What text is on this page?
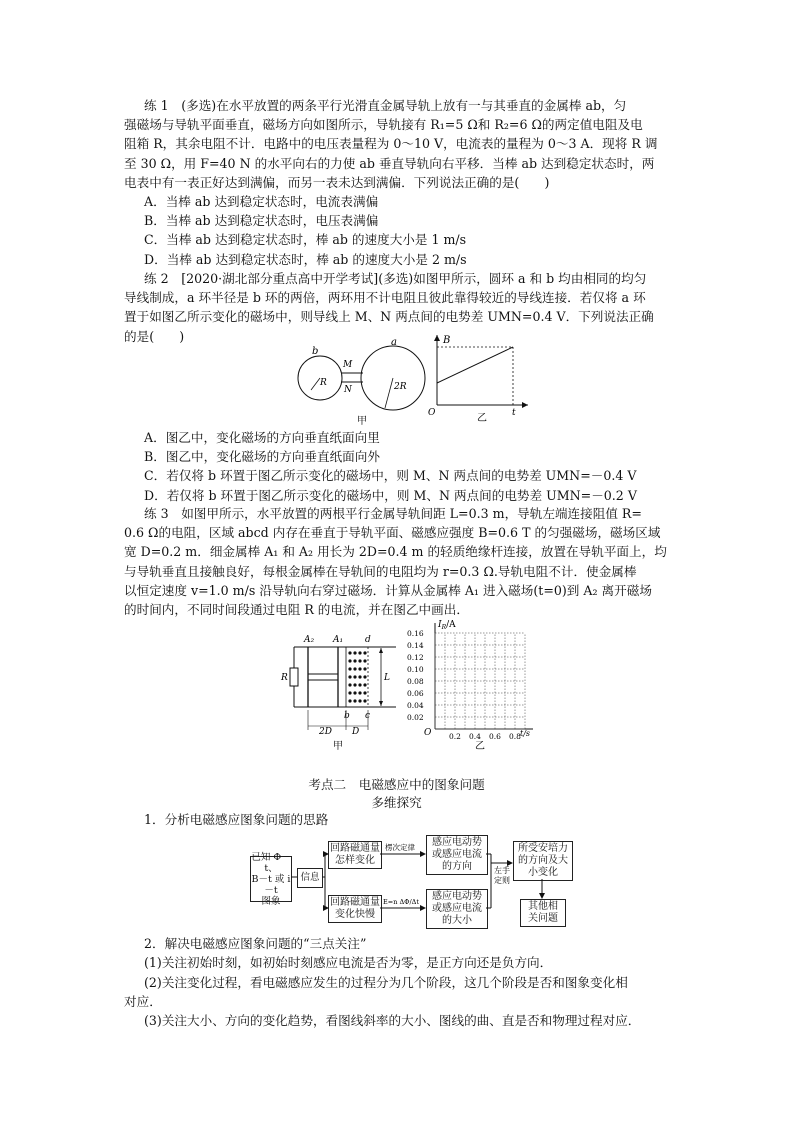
练 1　(多选)在水平放置的两条平行光滑直金属导轨上放有一与其垂直的金属棒 ab，匀
强磁场与导轨平面垂直，磁场方向如图所示，导轨接有 R₁=5 Ω和 R₂=6 Ω的两定值电阻及电
阻箱 R，其余电阻不计．电路中的电压表量程为 0～10 V，电流表的量程为 0～3 A．现将 R 调
至 30 Ω，用 F=40 N 的水平向右的力使 ab 垂直导轨向右平移．当棒 ab 达到稳定状态时，两
电表中有一表正好达到满偏，而另一表未达到满偏．下列说法正确的是(　　)
A．当棒 ab 达到稳定状态时，电流表满偏
B．当棒 ab 达到稳定状态时，电压表满偏
C．当棒 ab 达到稳定状态时，棒 ab 的速度大小是 1 m/s
D．当棒 ab 达到稳定状态时，棒 ab 的速度大小是 2 m/s
练 2　[2020·湖北部分重点高中开学考试](多选)如图甲所示，圆环 a 和 b 均由相同的均匀
导线制成，a 环半径是 b 环的两倍，两环用不计电阻且彼此靠得较近的导线连接．若仅将 a 环
置于如图乙所示变化的磁场中，则导线上 M、N 两点间的电势差 UMN=0.4 V．下列说法正确
的是(　　)
b
R
M
N
a
2R
甲
B
O	t
乙
A．图乙中，变化磁场的方向垂直纸面向里
B．图乙中，变化磁场的方向垂直纸面向外
C．若仅将 b 环置于图乙所示变化的磁场中，则 M、N 两点间的电势差 UMN=－0.4 V
D．若仅将 b 环置于图乙所示变化的磁场中，则 M、N 两点间的电势差 UMN=－0.2 V
练 3　如图甲所示，水平放置的两根平行金属导轨间距 L=0.3 m，导轨左端连接阻值 R=
0.6 Ω的电阻，区域 abcd 内存在垂直于导轨平面、磁感应强度 B=0.6 T 的匀强磁场，磁场区域
宽 D=0.2 m．细金属棒 A₁ 和 A₂ 用长为 2D=0.4 m 的轻质绝缘杆连接，放置在导轨平面上，均
与导轨垂直且接触良好，每根金属棒在导轨间的电阻均为 r=0.3 Ω.导轨电阻不计．使金属棒
以恒定速度 v=1.0 m/s 沿导轨向右穿过磁场．计算从金属棒 A₁ 进入磁场(t=0)到 A₂ 离开磁场
的时间内，不同时间段通过电阻 R 的电流，并在图乙中画出．
A₂ A₁ d
R	L
b c
2D D
甲
$I_R/A$
0.16
0.14
0.12
0.10
0.08
0.06
0.04
0.02
0.2 0.4 0.6 0.8
O	t/s
乙
考点二　电磁感应中的图象问题
多维探究
1．分析电磁感应图象问题的思路
已知 Φ－t、
B－t 或 i－t
图象
信息
回路磁通量
怎样变化
回路磁通量
变化快慢
感应电动势
或感应电流
的方向
感应电动势
或感应电流
的大小
所受安培力
的方向及大
小变化
其他相
关问题
楞次定律
E=n ΔΦ/Δt
左手
定则
2．解决电磁感应图象问题的“三点关注”
(1)关注初始时刻，如初始时刻感应电流是否为零，是正方向还是负方向．
(2)关注变化过程，看电磁感应发生的过程分为几个阶段，这几个阶段是否和图象变化相
对应．
(3)关注大小、方向的变化趋势，看图线斜率的大小、图线的曲、直是否和物理过程对应．
